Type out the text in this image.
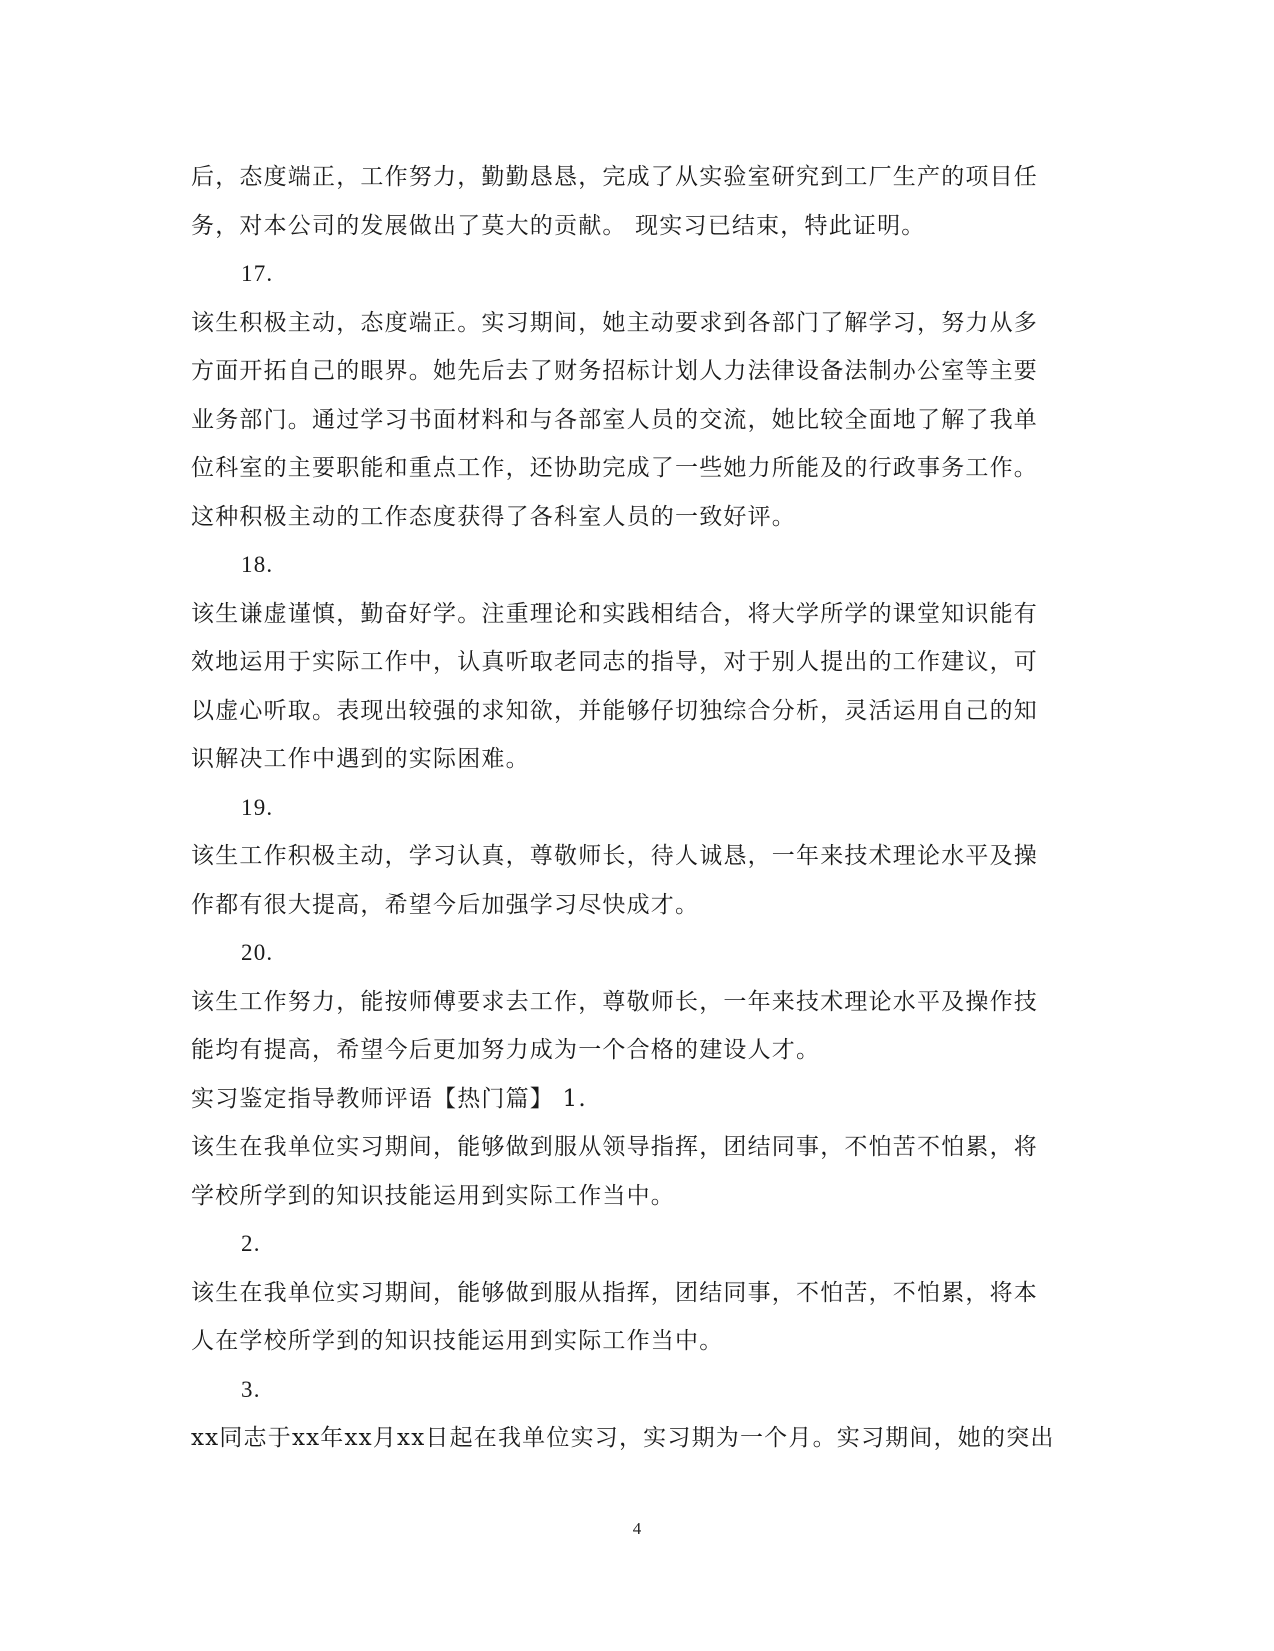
后，态度端正，工作努力，勤勤恳恳，完成了从实验室研究到工厂生产的项目任
务，对本公司的发展做出了莫大的贡献。 现实习已结束，特此证明。
17.
该生积极主动，态度端正。实习期间，她主动要求到各部门了解学习，努力从多
方面开拓自己的眼界。她先后去了财务招标计划人力法律设备法制办公室等主要
业务部门。通过学习书面材料和与各部室人员的交流，她比较全面地了解了我单
位科室的主要职能和重点工作，还协助完成了一些她力所能及的行政事务工作。
这种积极主动的工作态度获得了各科室人员的一致好评。
18.
该生谦虚谨慎，勤奋好学。注重理论和实践相结合，将大学所学的课堂知识能有
效地运用于实际工作中，认真听取老同志的指导，对于别人提出的工作建议，可
以虚心听取。表现出较强的求知欲，并能够仔切独综合分析，灵活运用自己的知
识解决工作中遇到的实际困难。
19.
该生工作积极主动，学习认真，尊敬师长，待人诚恳，一年来技术理论水平及操
作都有很大提高，希望今后加强学习尽快成才。
20.
该生工作努力，能按师傅要求去工作，尊敬师长，一年来技术理论水平及操作技
能均有提高，希望今后更加努力成为一个合格的建设人才。
实习鉴定指导教师评语【热门篇】 1.
该生在我单位实习期间，能够做到服从领导指挥，团结同事，不怕苦不怕累，将
学校所学到的知识技能运用到实际工作当中。
2.
该生在我单位实习期间，能够做到服从指挥，团结同事，不怕苦，不怕累，将本
人在学校所学到的知识技能运用到实际工作当中。
3.
xx同志于xx年xx月xx日起在我单位实习，实习期为一个月。实习期间，她的突出
4
